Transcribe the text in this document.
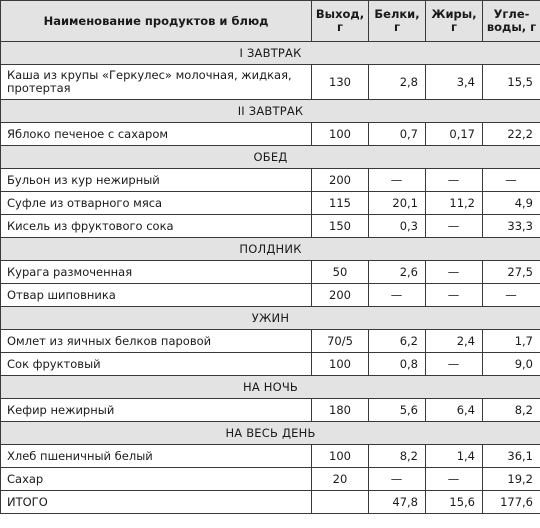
Наименование продуктов и блюд	Выход, г	Белки, г	Жиры, г	Угле- воды, г
I ЗАВТРАК				
Каша из крупы «Геркулес» молочная, жидкая, протертая	130	2,8	3,4	15,5
II ЗАВТРАК				
Яблоко печеное с сахаром	100	0,7	0,17	22,2
ОБЕД				
Бульон из кур нежирный	200	—	—	—
Суфле из отварного мяса	115	20,1	11,2	4,9
Кисель из фруктового сока	150	0,3	—	33,3
ПОЛДНИК				
Курага размоченная	50	2,6	—	27,5
Отвар шиповника	200	—	—	—
УЖИН				
Омлет из яичных белков паровой	70/5	6,2	2,4	1,7
Сок фруктовый	100	0,8	—	9,0
НА НОЧЬ				
Кефир нежирный	180	5,6	6,4	8,2
НА ВЕСЬ ДЕНЬ				
Хлеб пшеничный белый	100	8,2	1,4	36,1
Сахар	20	—	—	19,2
ИТОГО		47,8	15,6	177,6
